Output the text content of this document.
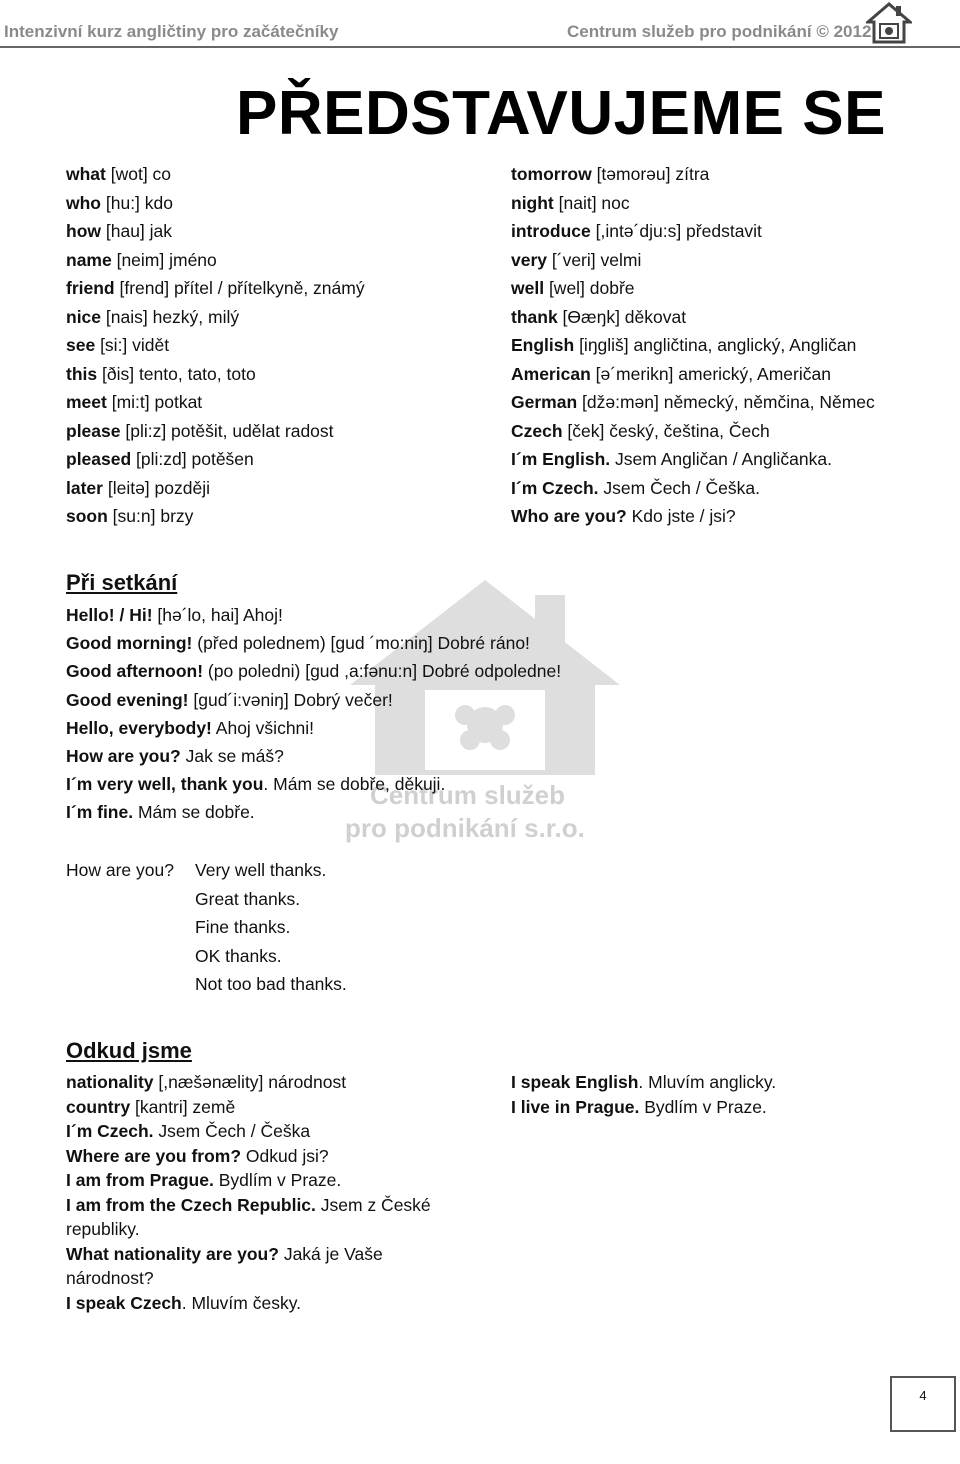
Intenzivní kurz angličtiny pro začátečníky	Centrum služeb pro podnikání © 2012
PŘEDSTAVUJEME SE
Centrum služeb
pro podnikání s.r.o.
what [wot] co
who [hu:] kdo
how [hau] jak
name [neim] jméno
friend [frend] přítel / přítelkyně, známý
nice [nais] hezký, milý
see [si:] vidět
this [ðis] tento, tato, toto
meet [mi:t] potkat
please [pli:z] potěšit, udělat radost
pleased [pli:zd] potěšen
later [leitə] později
soon [su:n] brzy
tomorrow [təmorəu] zítra
night [nait] noc
introduce [,intə´dju:s] představit
very [´veri] velmi
well [wel] dobře
thank [Өæŋk] děkovat
English [iŋgliš] angličtina, anglický, Angličan
American [ə´merikn] americký, Američan
German [džə:mən] německý, němčina, Němec
Czech [ček] český, čeština, Čech
I´m English. Jsem Angličan / Angličanka.
I´m Czech. Jsem Čech / Češka.
Who are you? Kdo jste / jsi?
Při setkání
Hello! / Hi! [hə´lo, hai] Ahoj!
Good morning! (před polednem) [gud ´mo:niŋ] Dobré ráno!
Good afternoon! (po poledni) [gud ,a:fənu:n] Dobré odpoledne!
Good evening! [gud´i:vəniŋ] Dobrý večer!
Hello, everybody! Ahoj všichni!
How are you? Jak se máš?
I´m very well, thank you. Mám se dobře, děkuji.
I´m fine. Mám se dobře.
How are you? Very well thanks.
Great thanks.
Fine thanks.
OK thanks.
Not too bad thanks.
Odkud jsme
nationality [,næšənælity] národnost
country [kantri] země
I´m Czech. Jsem Čech / Češka
Where are you from? Odkud jsi?
I am from Prague. Bydlím v Praze.
I am from the Czech Republic. Jsem z České
republiky.
What nationality are you? Jaká je Vaše
národnost?
I speak Czech. Mluvím česky.
I speak English. Mluvím anglicky.
I live in Prague. Bydlím v Praze.
4
